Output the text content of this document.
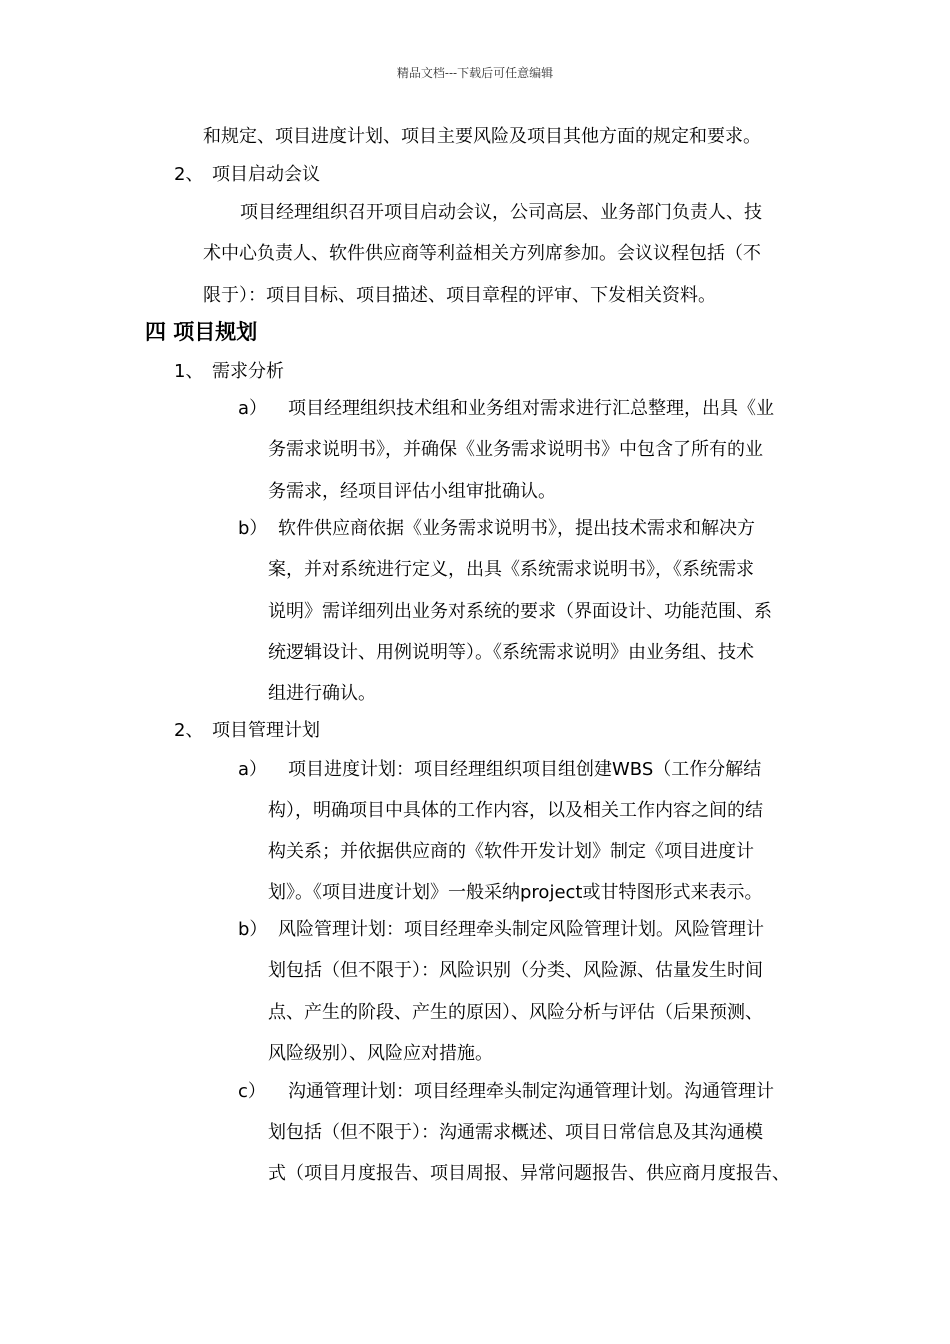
精品文档---下载后可任意编辑
和规定、项目进度计划、项目主要风险及项目其他方面的规定和要求。
2、 项目启动会议
项目经理组织召开项目启动会议，公司高层、业务部门负责人、技
术中心负责人、软件供应商等利益相关方列席参加。会议议程包括（不
限于）：项目目标、项目描述、项目章程的评审、下发相关资料。
四 项目规划
1、 需求分析
a） 项目经理组织技术组和业务组对需求进行汇总整理，出具《业
务需求说明书》，并确保《业务需求说明书》中包含了所有的业
务需求，经项目评估小组审批确认。
b） 软件供应商依据《业务需求说明书》，提出技术需求和解决方
案，并对系统进行定义，出具《系统需求说明书》，《系统需求
说明》需详细列出业务对系统的要求（界面设计、功能范围、系
统逻辑设计、用例说明等）。《系统需求说明》由业务组、技术
组进行确认。
2、 项目管理计划
a） 项目进度计划：项目经理组织项目组创建WBS（工作分解结
构），明确项目中具体的工作内容，以及相关工作内容之间的结
构关系；并依据供应商的《软件开发计划》制定《项目进度计
划》。《项目进度计划》一般采纳project或甘特图形式来表示。
b） 风险管理计划：项目经理牵头制定风险管理计划。风险管理计
划包括（但不限于）：风险识别（分类、风险源、估量发生时间
点、产生的阶段、产生的原因）、风险分析与评估（后果预测、
风险级别）、风险应对措施。
c） 沟通管理计划：项目经理牵头制定沟通管理计划。沟通管理计
划包括（但不限于）：沟通需求概述、项目日常信息及其沟通模
式（项目月度报告、项目周报、异常问题报告、供应商月度报告、
